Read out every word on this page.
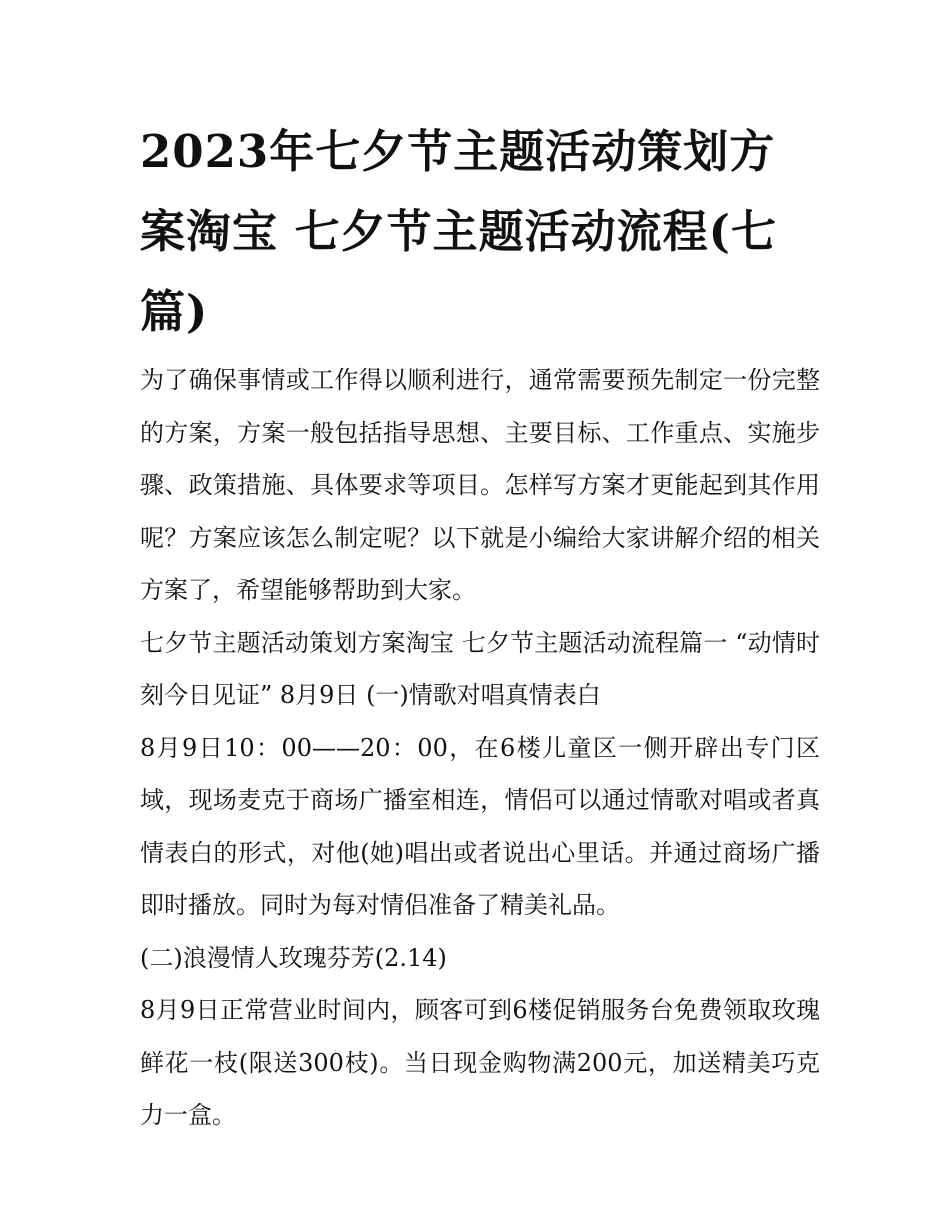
2023年七夕节主题活动策划方案淘宝 七夕节主题活动流程(七篇)

为了确保事情或工作得以顺利进行，通常需要预先制定一份完整的方案，方案一般包括指导思想、主要目标、工作重点、实施步骤、政策措施、具体要求等项目。怎样写方案才更能起到其作用呢？方案应该怎么制定呢？以下就是小编给大家讲解介绍的相关方案了，希望能够帮助到大家。

七夕节主题活动策划方案淘宝 七夕节主题活动流程篇一 “动情时刻今日见证” 8月9日 (一)情歌对唱真情表白

8月9日10：00——20：00，在6楼儿童区一侧开辟出专门区域，现场麦克于商场广播室相连，情侣可以通过情歌对唱或者真情表白的形式，对他(她)唱出或者说出心里话。并通过商场广播即时播放。同时为每对情侣准备了精美礼品。

(二)浪漫情人玫瑰芬芳(2.14)

8月9日正常营业时间内，顾客可到6楼促销服务台免费领取玫瑰鲜花一枝(限送300枝)。当日现金购物满200元，加送精美巧克力一盒。
